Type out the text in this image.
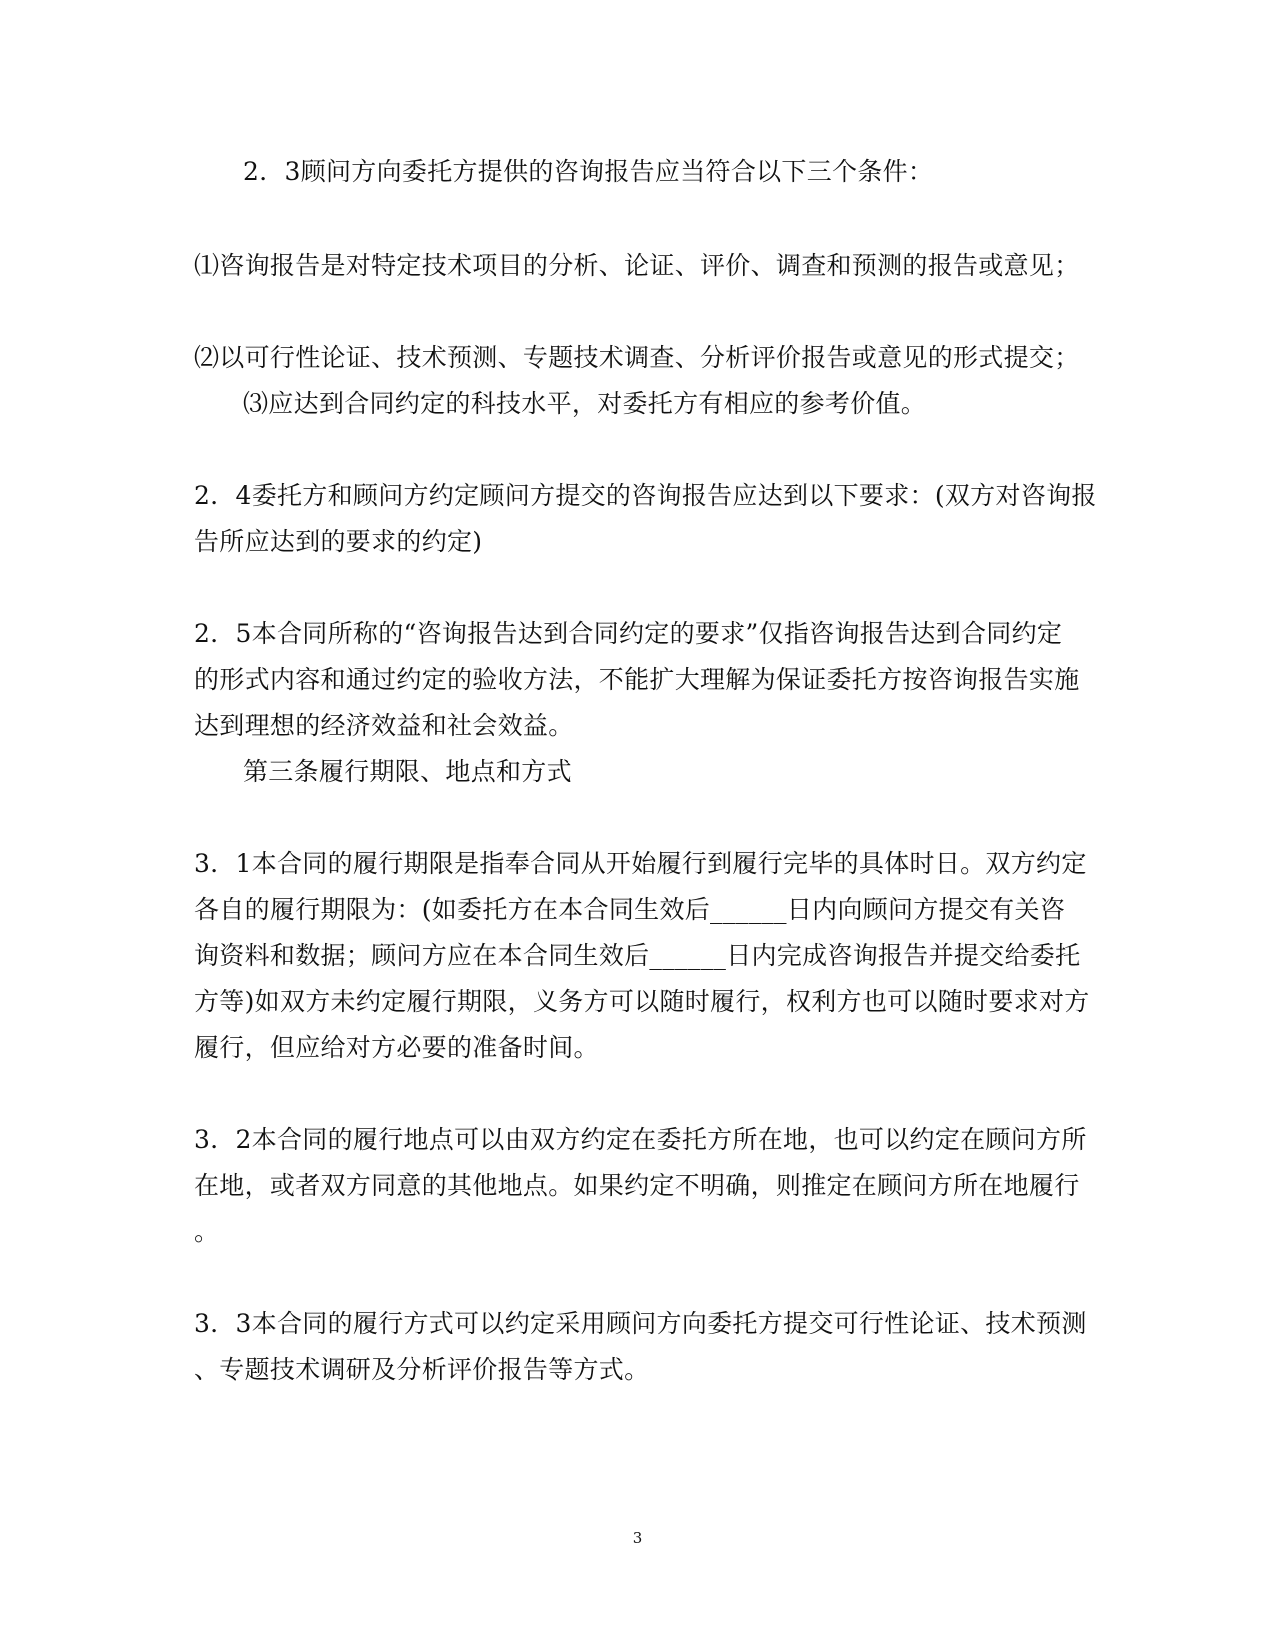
2．3顾问方向委托方提供的咨询报告应当符合以下三个条件：
⑴咨询报告是对特定技术项目的分析、论证、评价、调查和预测的报告或意见；
⑵以可行性论证、技术预测、专题技术调查、分析评价报告或意见的形式提交；
⑶应达到合同约定的科技水平，对委托方有相应的参考价值。
2．4委托方和顾问方约定顾问方提交的咨询报告应达到以下要求：(双方对咨询报
告所应达到的要求的约定)
2．5本合同所称的“咨询报告达到合同约定的要求”仅指咨询报告达到合同约定
的形式内容和通过约定的验收方法，不能扩大理解为保证委托方按咨询报告实施
达到理想的经济效益和社会效益。
第三条履行期限、地点和方式
3．1本合同的履行期限是指奉合同从开始履行到履行完毕的具体时日。双方约定
各自的履行期限为：(如委托方在本合同生效后______日内向顾问方提交有关咨
询资料和数据；顾问方应在本合同生效后______日内完成咨询报告并提交给委托
方等)如双方未约定履行期限，义务方可以随时履行，权利方也可以随时要求对方
履行，但应给对方必要的准备时间。
3．2本合同的履行地点可以由双方约定在委托方所在地，也可以约定在顾问方所
在地，或者双方同意的其他地点。如果约定不明确，则推定在顾问方所在地履行
。
3．3本合同的履行方式可以约定采用顾问方向委托方提交可行性论证、技术预测
、专题技术调研及分析评价报告等方式。
3
